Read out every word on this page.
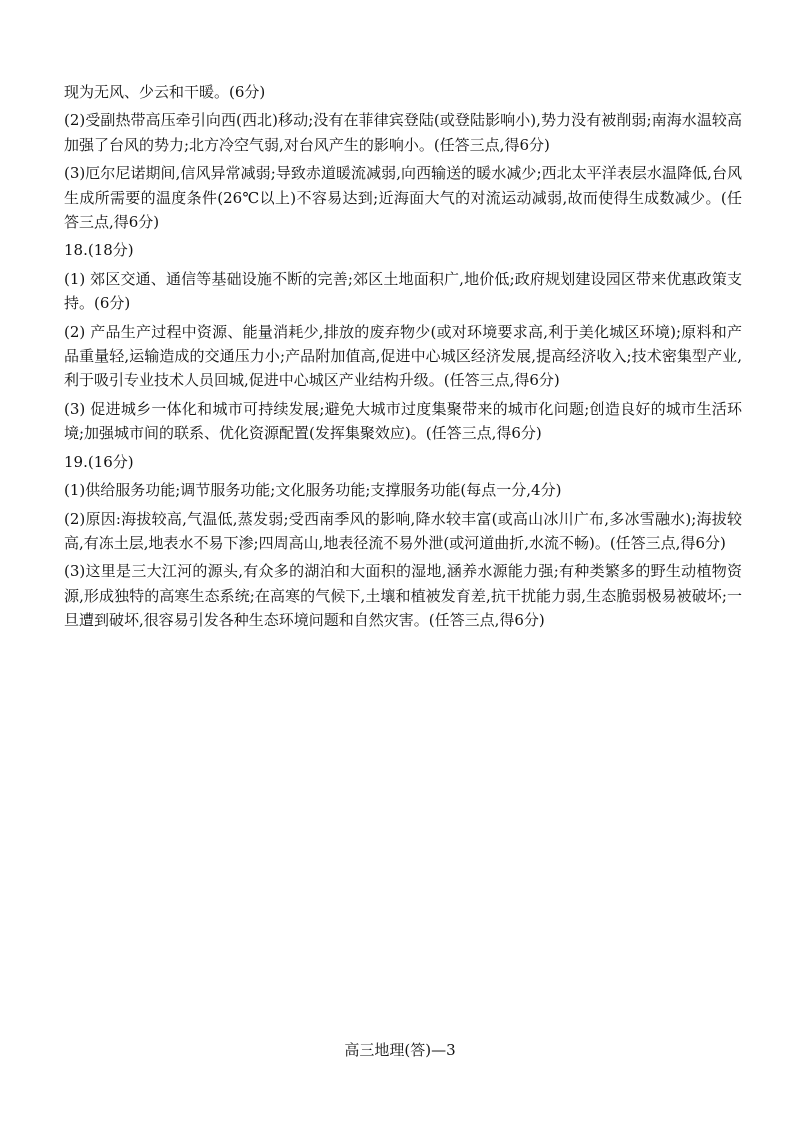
现为无风、少云和干暖。(6分)

(2)受副热带高压牵引向西(西北)移动;没有在菲律宾登陆(或登陆影响小),势力没有被削弱;南海水温较高加强了台风的势力;北方冷空气弱,对台风产生的影响小。(任答三点,得6分)

(3)厄尔尼诺期间,信风异常减弱;导致赤道暖流减弱,向西输送的暖水减少;西北太平洋表层水温降低,台风生成所需要的温度条件(26℃以上)不容易达到;近海面大气的对流运动减弱,故而使得生成数减少。(任答三点,得6分)

18.(18分)

(1) 郊区交通、通信等基础设施不断的完善;郊区土地面积广,地价低;政府规划建设园区带来优惠政策支持。(6分)

(2) 产品生产过程中资源、能量消耗少,排放的废弃物少(或对环境要求高,利于美化城区环境);原料和产品重量轻,运输造成的交通压力小;产品附加值高,促进中心城区经济发展,提高经济收入;技术密集型产业,利于吸引专业技术人员回城,促进中心城区产业结构升级。(任答三点,得6分)

(3) 促进城乡一体化和城市可持续发展;避免大城市过度集聚带来的城市化问题;创造良好的城市生活环境;加强城市间的联系、优化资源配置(发挥集聚效应)。(任答三点,得6分)

19.(16分)

(1)供给服务功能;调节服务功能;文化服务功能;支撑服务功能(每点一分,4分)

(2)原因:海拔较高,气温低,蒸发弱;受西南季风的影响,降水较丰富(或高山冰川广布,多冰雪融水);海拔较高,有冻土层,地表水不易下渗;四周高山,地表径流不易外泄(或河道曲折,水流不畅)。(任答三点,得6分)

(3)这里是三大江河的源头,有众多的湖泊和大面积的湿地,涵养水源能力强;有种类繁多的野生动植物资源,形成独特的高寒生态系统;在高寒的气候下,土壤和植被发育差,抗干扰能力弱,生态脆弱极易被破坏;一旦遭到破坏,很容易引发各种生态环境问题和自然灾害。(任答三点,得6分)

高三地理(答)—3
